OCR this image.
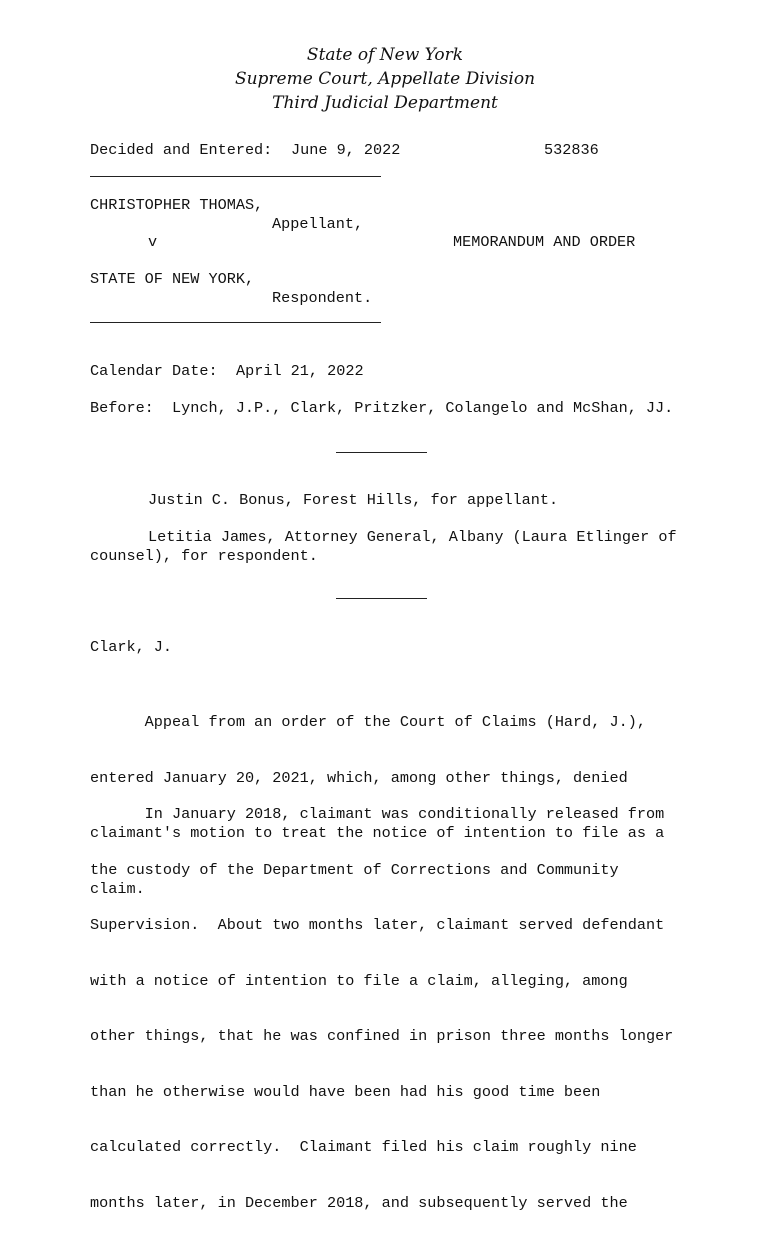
State of New York
Supreme Court, Appellate Division
Third Judicial Department
Decided and Entered: June 9, 2022	532836
CHRISTOPHER THOMAS,
Appellant,
v	MEMORANDUM AND ORDER
STATE OF NEW YORK,
Respondent.
Calendar Date: April 21, 2022
Before: Lynch, J.P., Clark, Pritzker, Colangelo and McShan, JJ.
Justin C. Bonus, Forest Hills, for appellant.
Letitia James, Attorney General, Albany (Laura Etlinger of
counsel), for respondent.
Clark, J.

Appeal from an order of the Court of Claims (Hard, J.),

entered January 20, 2021, which, among other things, denied

claimant's motion to treat the notice of intention to file as a

claim.

In January 2018, claimant was conditionally released from

the custody of the Department of Corrections and Community

Supervision.  About two months later, claimant served defendant

with a notice of intention to file a claim, alleging, among

other things, that he was confined in prison three months longer

than he otherwise would have been had his good time been

calculated correctly.  Claimant filed his claim roughly nine

months later, in December 2018, and subsequently served the
